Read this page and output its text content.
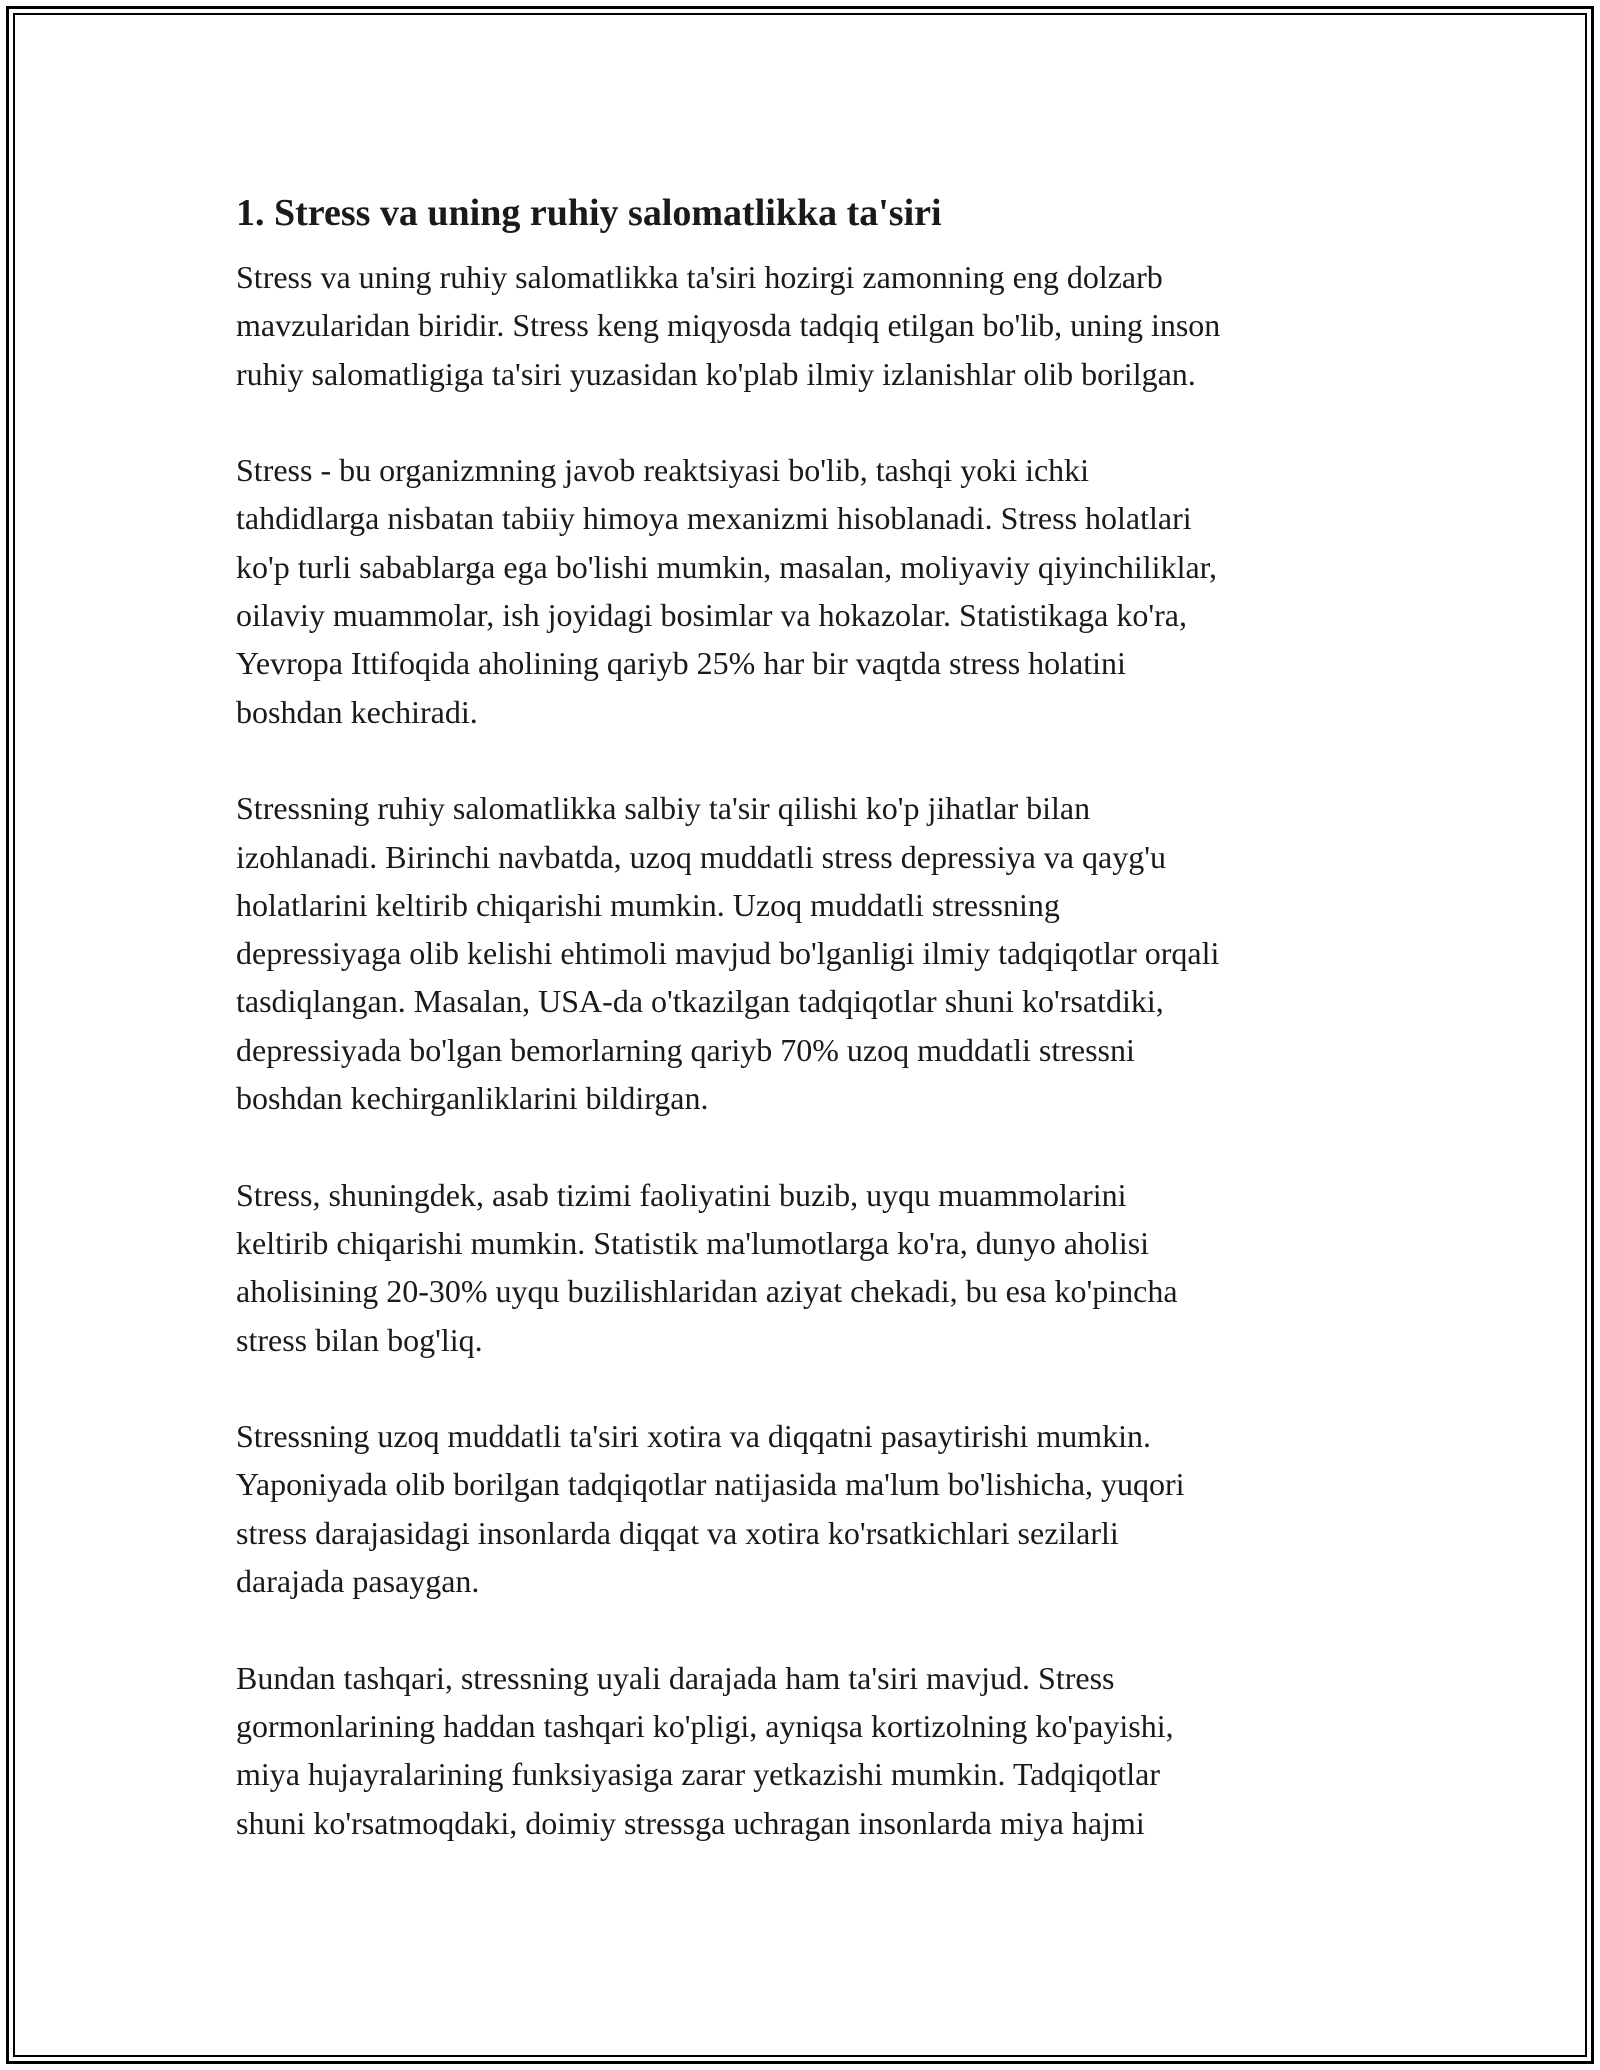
1. Stress va uning ruhiy salomatlikka ta'siri
Stress va uning ruhiy salomatlikka ta'siri hozirgi zamonning eng dolzarb
mavzularidan biridir. Stress keng miqyosda tadqiq etilgan bo'lib, uning inson
ruhiy salomatligiga ta'siri yuzasidan ko'plab ilmiy izlanishlar olib borilgan.
Stress - bu organizmning javob reaktsiyasi bo'lib, tashqi yoki ichki
tahdidlarga nisbatan tabiiy himoya mexanizmi hisoblanadi. Stress holatlari
ko'p turli sabablarga ega bo'lishi mumkin, masalan, moliyaviy qiyinchiliklar,
oilaviy muammolar, ish joyidagi bosimlar va hokazolar. Statistikaga ko'ra,
Yevropa Ittifoqida aholining qariyb 25% har bir vaqtda stress holatini
boshdan kechiradi.
Stressning ruhiy salomatlikka salbiy ta'sir qilishi ko'p jihatlar bilan
izohlanadi. Birinchi navbatda, uzoq muddatli stress depressiya va qayg'u
holatlarini keltirib chiqarishi mumkin. Uzoq muddatli stressning
depressiyaga olib kelishi ehtimoli mavjud bo'lganligi ilmiy tadqiqotlar orqali
tasdiqlangan. Masalan, USA-da o'tkazilgan tadqiqotlar shuni ko'rsatdiki,
depressiyada bo'lgan bemorlarning qariyb 70% uzoq muddatli stressni
boshdan kechirganliklarini bildirgan.
Stress, shuningdek, asab tizimi faoliyatini buzib, uyqu muammolarini
keltirib chiqarishi mumkin. Statistik ma'lumotlarga ko'ra, dunyo aholisi
aholisining 20-30% uyqu buzilishlaridan aziyat chekadi, bu esa ko'pincha
stress bilan bog'liq.
Stressning uzoq muddatli ta'siri xotira va diqqatni pasaytirishi mumkin.
Yaponiyada olib borilgan tadqiqotlar natijasida ma'lum bo'lishicha, yuqori
stress darajasidagi insonlarda diqqat va xotira ko'rsatkichlari sezilarli
darajada pasaygan.
Bundan tashqari, stressning uyali darajada ham ta'siri mavjud. Stress
gormonlarining haddan tashqari ko'pligi, ayniqsa kortizolning ko'payishi,
miya hujayralarining funksiyasiga zarar yetkazishi mumkin. Tadqiqotlar
shuni ko'rsatmoqdaki, doimiy stressga uchragan insonlarda miya hajmi
